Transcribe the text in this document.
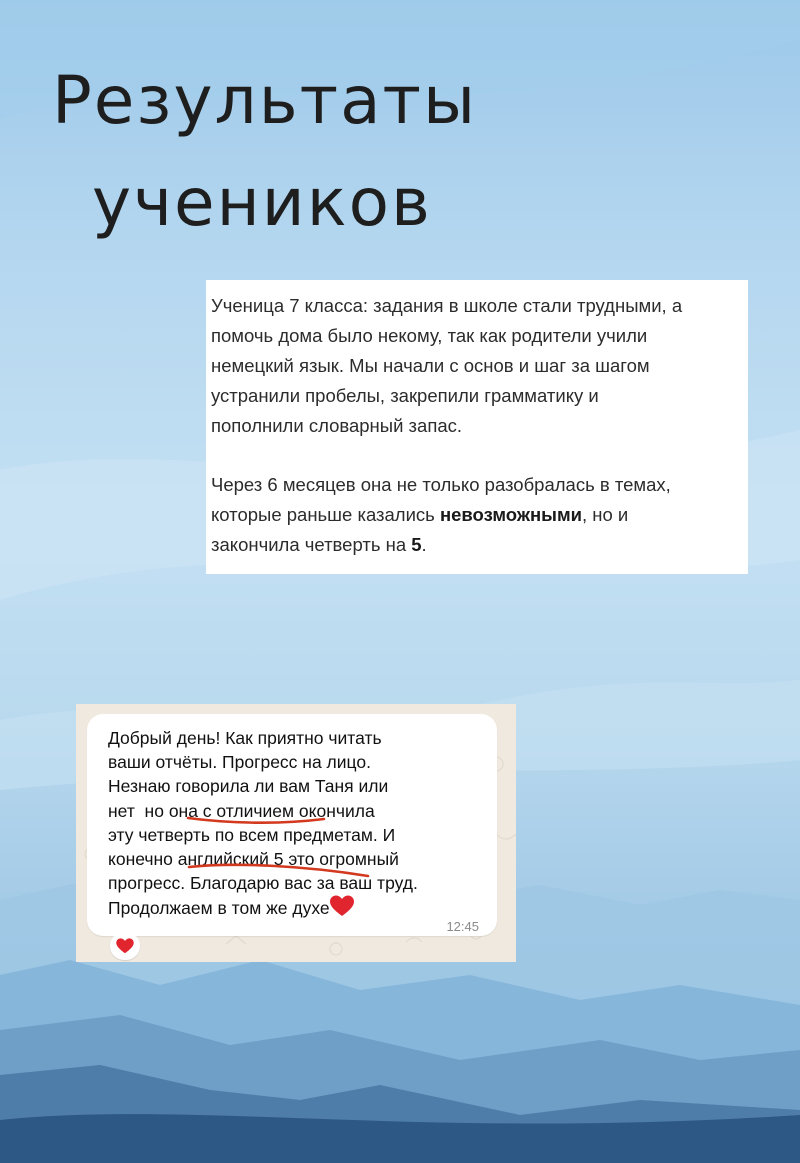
Результаты
учеников

Ученица 7 класса: задания в школе стали трудными, а

помочь дома было некому, так как родители учили

немецкий язык. Мы начали с основ и шаг за шагом

устранили пробелы, закрепили грамматику и

пополнили словарный запас.

Через 6 месяцев она не только разобралась в темах,

которые раньше казались невозможными, но и

закончила четверть на 5.

Добрый день! Как приятно читать
ваши отчёты. Прогресс на лицо.
Незнаю говорила ли вам Таня или
нет  но она с отличием окончила
эту четверть по всем предметам. И
конечно английский 5 это огромный
прогресс. Благодарю вас за ваш труд.
Продолжаем в том же духе
12:45
